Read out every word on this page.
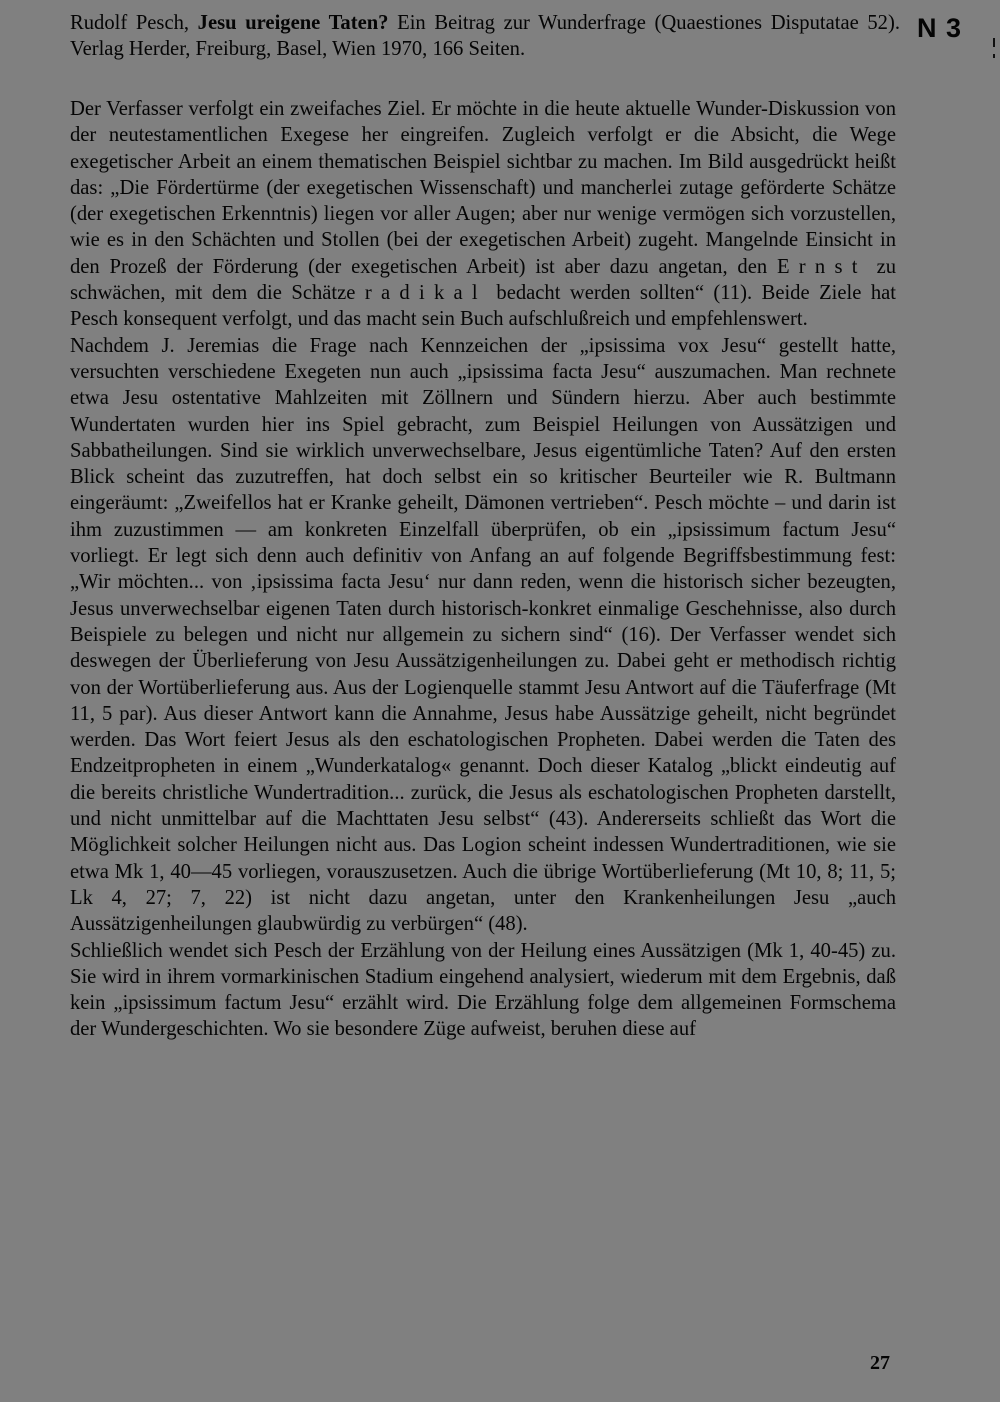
Rudolf Pesch, Jesu ureigene Taten? Ein Beitrag zur Wunderfrage (Quaestiones Disputatae 52). Verlag Herder, Freiburg, Basel, Wien 1970, 166 Seiten.

N 3

Der Verfasser verfolgt ein zweifaches Ziel. Er möchte in die heute aktuelle Wunder-Diskussion von der neutestamentlichen Exegese her eingreifen. Zugleich verfolgt er die Absicht, die Wege exegetischer Arbeit an einem thematischen Beispiel sichtbar zu machen. Im Bild ausgedrückt heißt das: „Die Fördertürme (der exegetischen Wissenschaft) und mancherlei zutage geförderte Schätze (der exegetischen Erkenntnis) liegen vor aller Augen; aber nur wenige vermögen sich vorzustellen, wie es in den Schächten und Stollen (bei der exegetischen Arbeit) zugeht. Mangelnde Einsicht in den Prozeß der Förderung (der exegetischen Arbeit) ist aber dazu angetan, den Ernst zu schwächen, mit dem die Schätze radikal bedacht werden sollten“ (11). Beide Ziele hat Pesch konsequent verfolgt, und das macht sein Buch aufschlußreich und empfehlenswert.

Nachdem J. Jeremias die Frage nach Kennzeichen der „ipsissima vox Jesu“ gestellt hatte, versuchten verschiedene Exegeten nun auch „ipsissima facta Jesu“ auszumachen. Man rechnete etwa Jesu ostentative Mahlzeiten mit Zöllnern und Sündern hierzu. Aber auch bestimmte Wundertaten wurden hier ins Spiel gebracht, zum Beispiel Heilungen von Aussätzigen und Sabbatheilungen. Sind sie wirklich unverwechselbare, Jesus eigentümliche Taten? Auf den ersten Blick scheint das zuzutreffen, hat doch selbst ein so kritischer Beurteiler wie R. Bultmann eingeräumt: „Zweifellos hat er Kranke geheilt, Dämonen vertrieben“. Pesch möchte – und darin ist ihm zuzustimmen — am konkreten Einzelfall überprüfen, ob ein „ipsissimum factum Jesu“ vorliegt. Er legt sich denn auch definitiv von Anfang an auf folgende Begriffsbestimmung fest: „Wir möchten... von ‚ipsissima facta Jesu‘ nur dann reden, wenn die historisch sicher bezeugten, Jesus unverwechselbar eigenen Taten durch historisch-konkret einmalige Geschehnisse, also durch Beispiele zu belegen und nicht nur allgemein zu sichern sind“ (16). Der Verfasser wendet sich deswegen der Überlieferung von Jesu Aussätzigenheilungen zu. Dabei geht er methodisch richtig von der Wortüberlieferung aus. Aus der Logienquelle stammt Jesu Antwort auf die Täuferfrage (Mt 11, 5 par). Aus dieser Antwort kann die Annahme, Jesus habe Aussätzige geheilt, nicht begründet werden. Das Wort feiert Jesus als den eschatologischen Propheten. Dabei werden die Taten des Endzeitpropheten in einem „Wunderkatalog« genannt. Doch dieser Katalog „blickt eindeutig auf die bereits christliche Wundertradition... zurück, die Jesus als eschatologischen Propheten darstellt, und nicht unmittelbar auf die Machttaten Jesu selbst“ (43). Andererseits schließt das Wort die Möglichkeit solcher Heilungen nicht aus. Das Logion scheint indessen Wundertraditionen, wie sie etwa Mk 1, 40—45 vorliegen, vorauszusetzen. Auch die übrige Wortüberlieferung (Mt 10, 8; 11, 5; Lk 4, 27; 7, 22) ist nicht dazu angetan, unter den Krankenheilungen Jesu „auch Aussätzigenheilungen glaubwürdig zu verbürgen“ (48).

Schließlich wendet sich Pesch der Erzählung von der Heilung eines Aussätzigen (Mk 1, 40-45) zu. Sie wird in ihrem vormarkinischen Stadium eingehend analysiert, wiederum mit dem Ergebnis, daß kein „ipsissimum factum Jesu“ erzählt wird. Die Erzählung folge dem allgemeinen Formschema der Wundergeschichten. Wo sie besondere Züge aufweist, beruhen diese auf

27
